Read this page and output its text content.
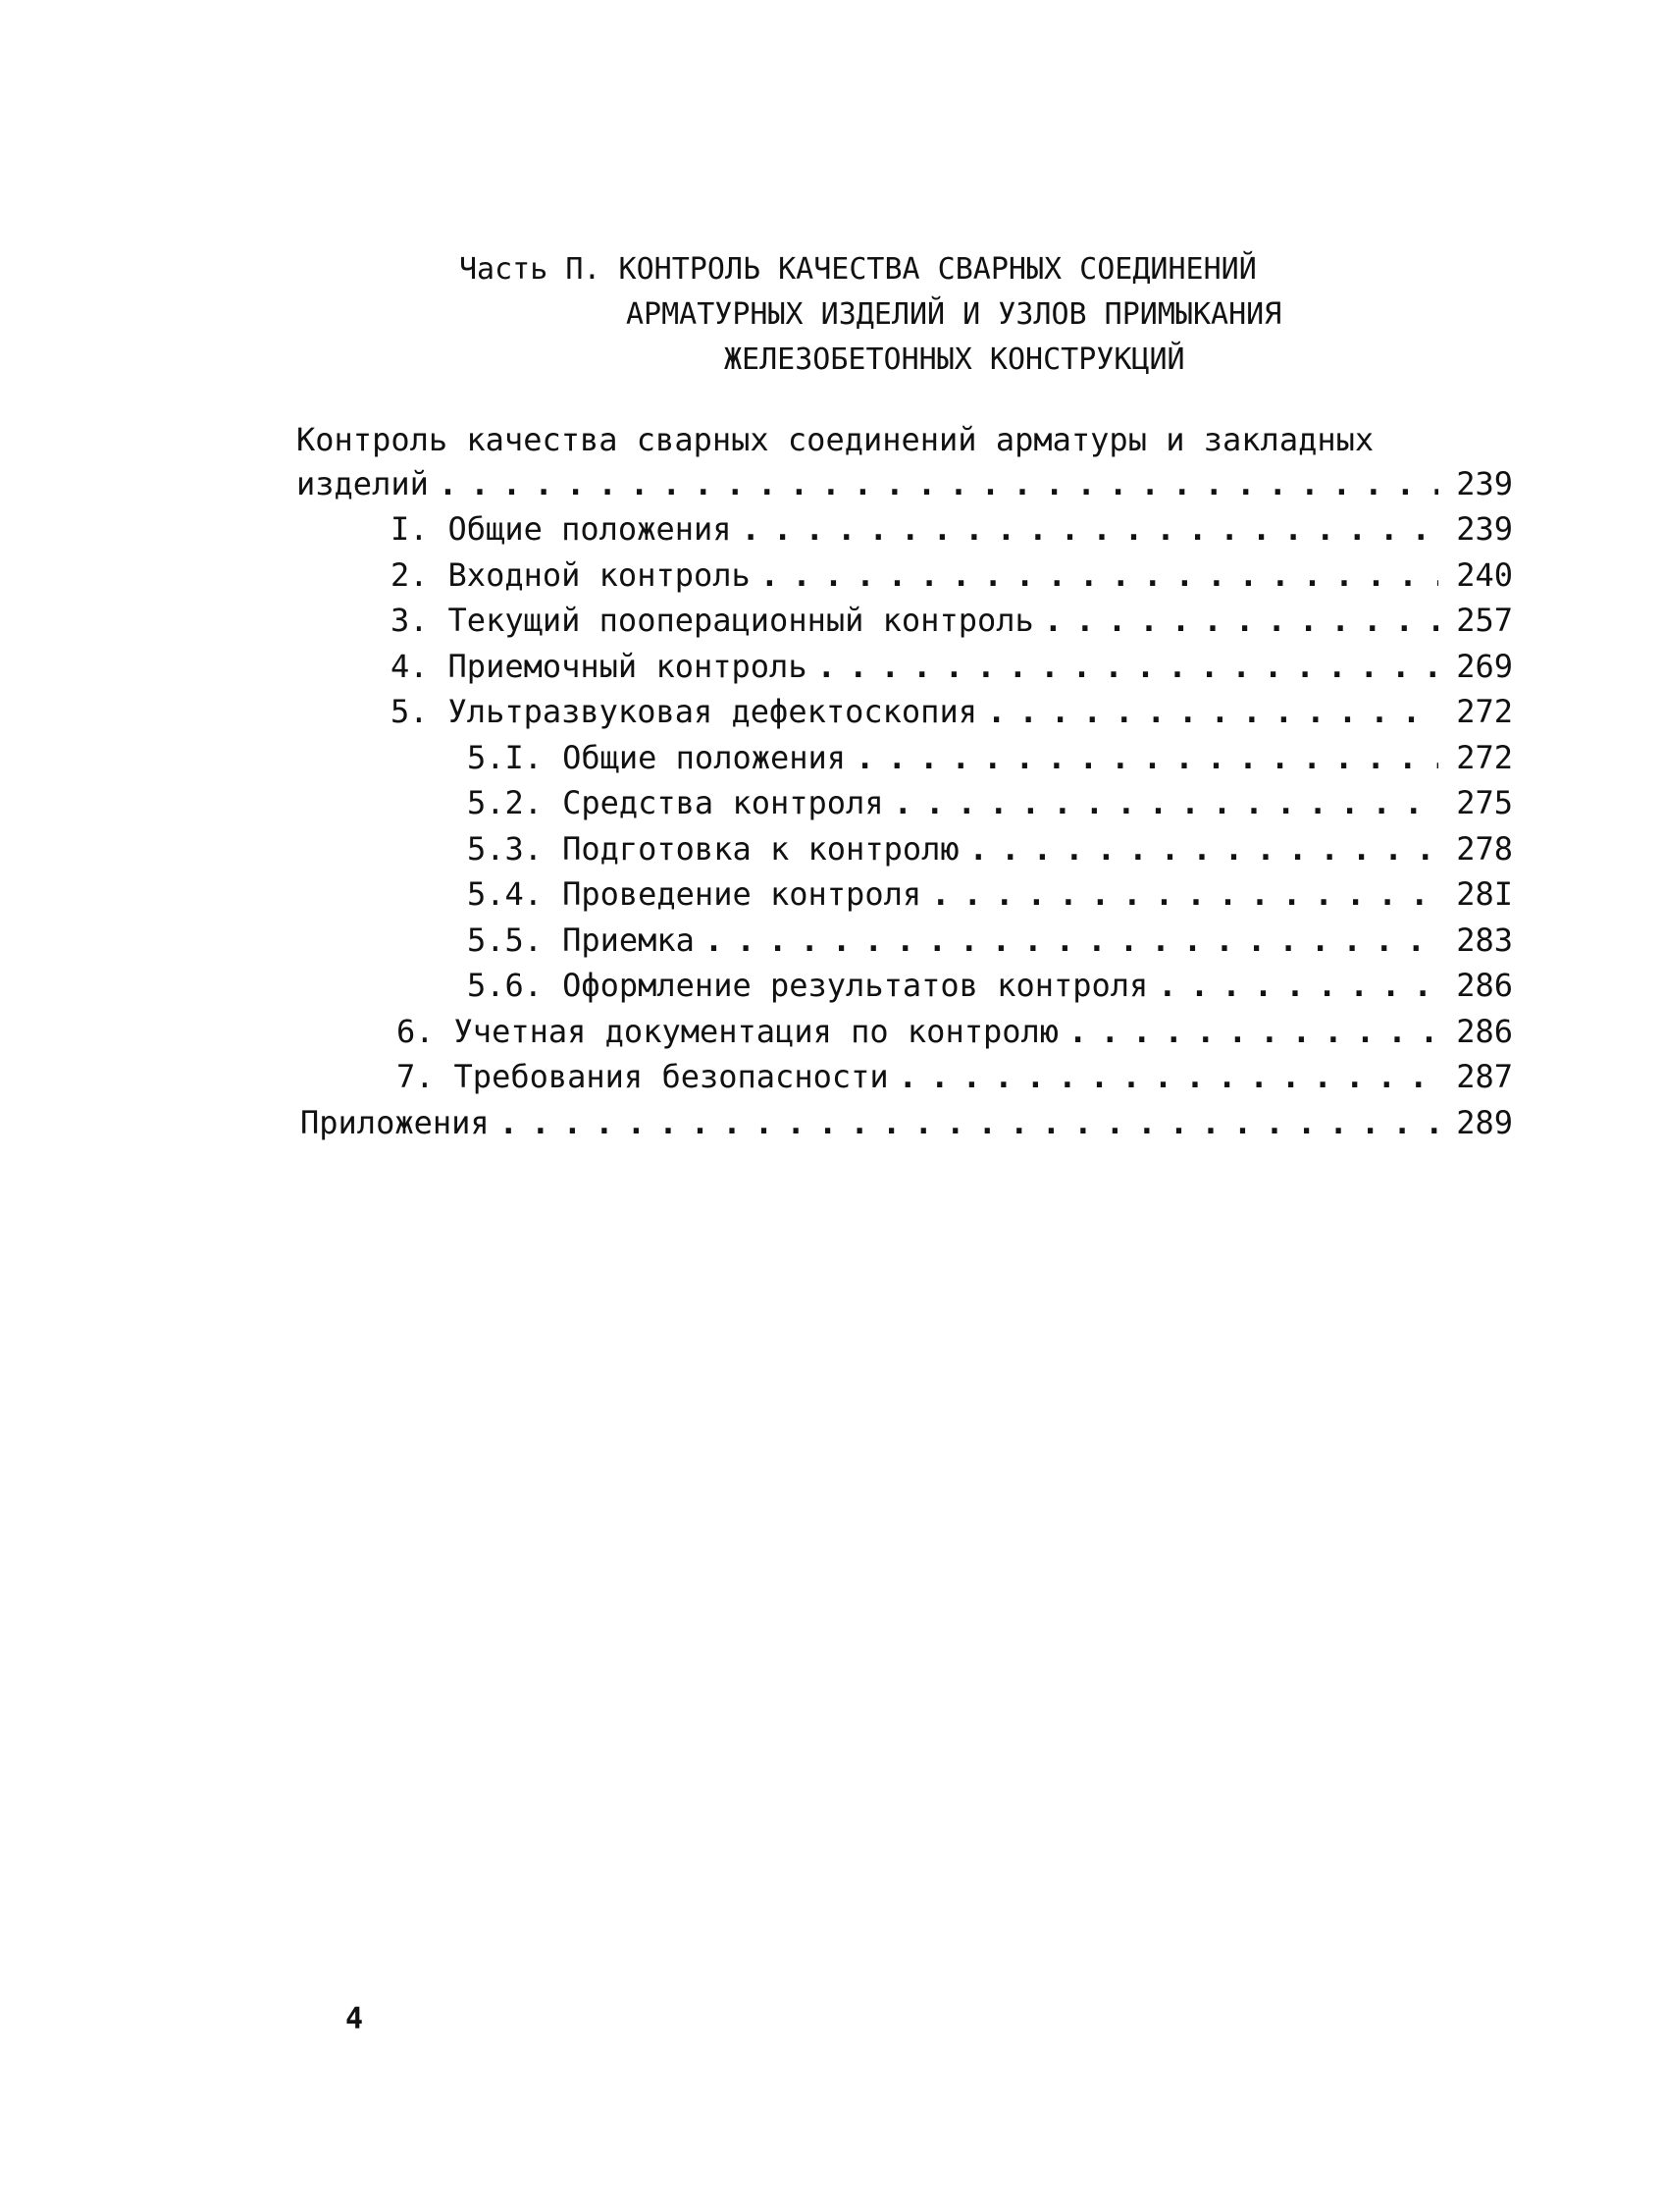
Часть П. КОНТРОЛЬ КАЧЕСТВА СВАРНЫХ СОЕДИНЕНИЙ
АРМАТУРНЫХ ИЗДЕЛИЙ И УЗЛОВ ПРИМЫКАНИЯ
ЖЕЛЕЗОБЕТОННЫХ КОНСТРУКЦИЙ
Контроль качества сварных соединений арматуры и закладных
изделий . . .	239
I. Общие положения . . .	239
2. Входной контроль . . .	240
3. Текущий пооперационный контроль . . .	257
4. Приемочный контроль . . .	269
5. Ультразвуковая дефектоскопия . . .	272
5.I. Общие положения . . .	272
5.2. Средства контроля . . .	275
5.3. Подготовка к контролю . . .	278
5.4. Проведение контроля . . .	28I
5.5. Приемка . . .	283
5.6. Оформление результатов контроля . . .	286
6. Учетная документация по контролю . . .	286
7. Требования безопасности . . .	287
Приложения . . .	289
4
